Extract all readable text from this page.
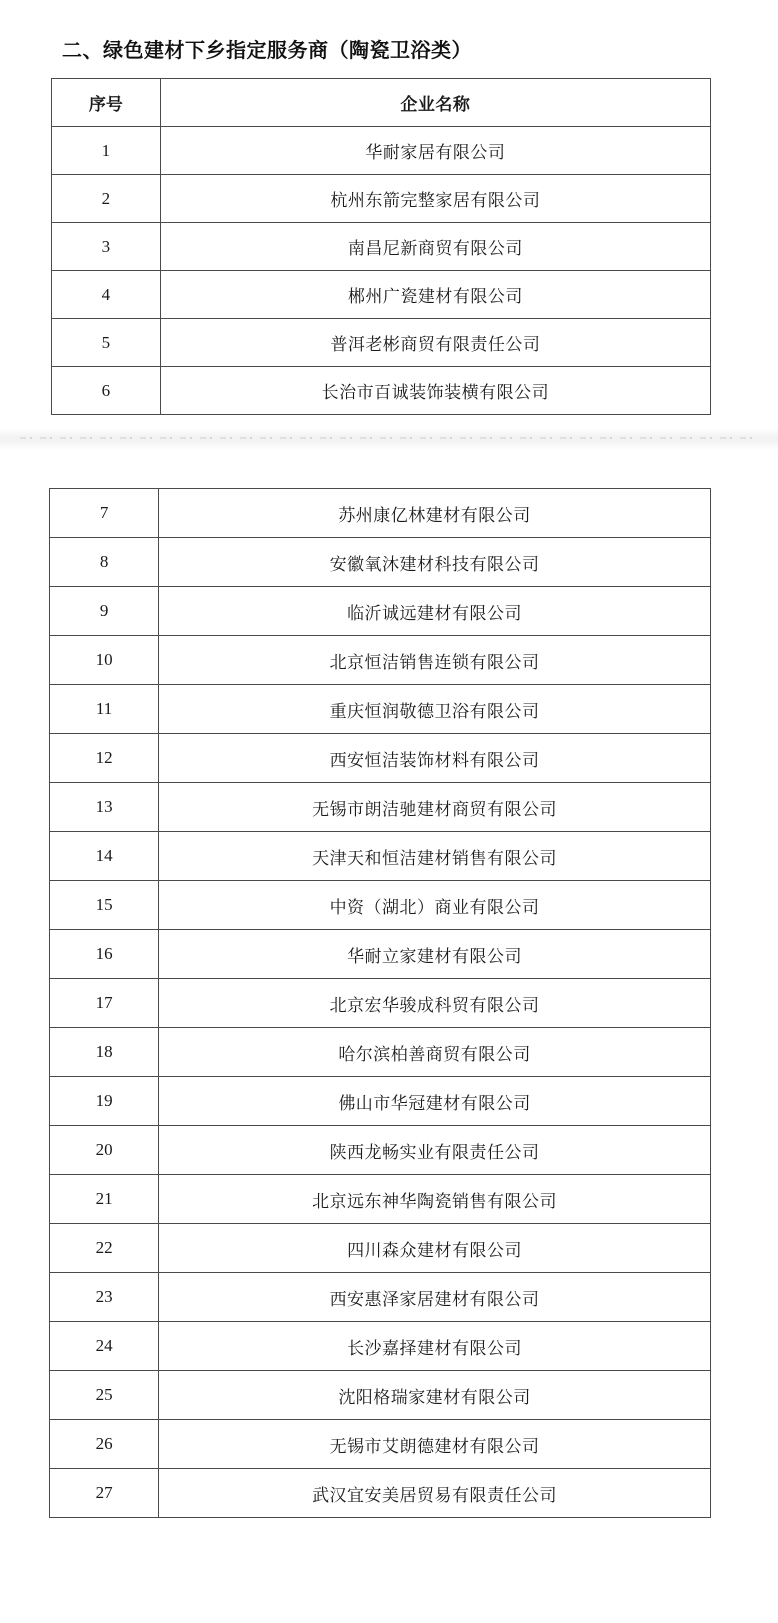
二、绿色建材下乡指定服务商（陶瓷卫浴类）
序号	企业名称
1	华耐家居有限公司
2	杭州东箭完整家居有限公司
3	南昌尼新商贸有限公司
4	郴州广瓷建材有限公司
5	普洱老彬商贸有限责任公司
6	长治市百诚装饰装横有限公司
7	苏州康亿林建材有限公司
8	安徽氧沐建材科技有限公司
9	临沂诚远建材有限公司
10	北京恒洁销售连锁有限公司
11	重庆恒润敬德卫浴有限公司
12	西安恒洁装饰材料有限公司
13	无锡市朗洁驰建材商贸有限公司
14	天津天和恒洁建材销售有限公司
15	中资（湖北）商业有限公司
16	华耐立家建材有限公司
17	北京宏华骏成科贸有限公司
18	哈尔滨柏善商贸有限公司
19	佛山市华冠建材有限公司
20	陕西龙畅实业有限责任公司
21	北京远东神华陶瓷销售有限公司
22	四川森众建材有限公司
23	西安惠泽家居建材有限公司
24	长沙嘉择建材有限公司
25	沈阳格瑞家建材有限公司
26	无锡市艾朗德建材有限公司
27	武汉宜安美居贸易有限责任公司
